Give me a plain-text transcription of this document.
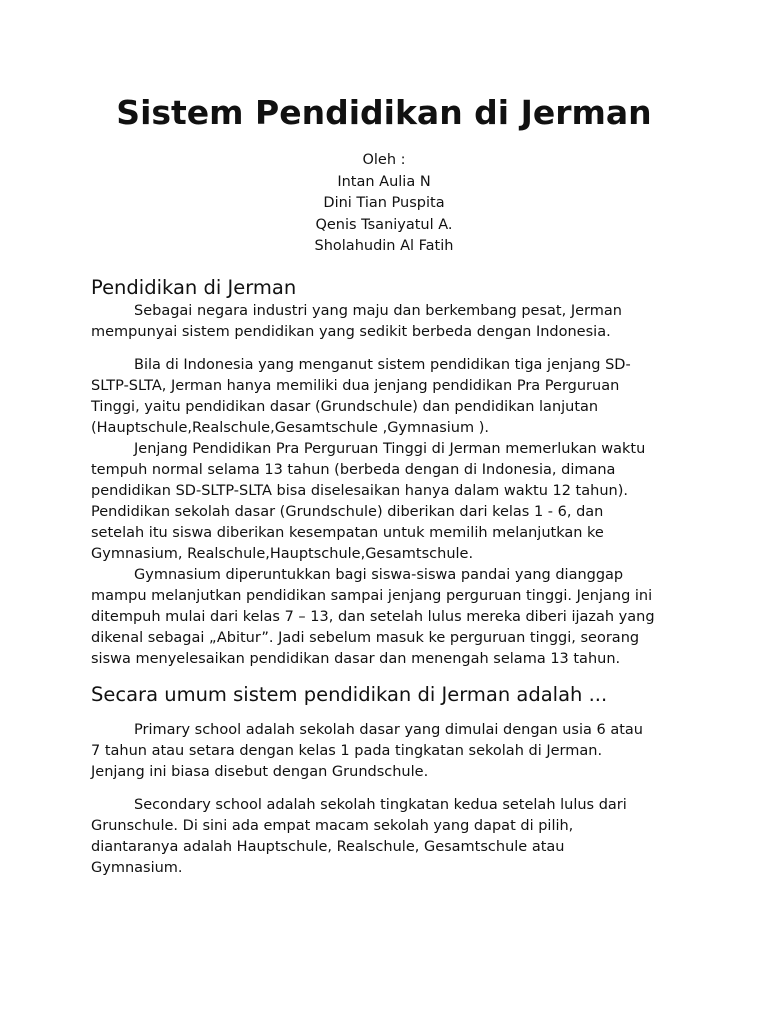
Sistem Pendidikan di Jerman
Oleh :
Intan Aulia N
Dini Tian Puspita
Qenis Tsaniyatul A.
Sholahudin Al Fatih
Pendidikan di Jerman
Sebagai negara industri yang maju dan berkembang pesat, Jerman
mempunyai sistem pendidikan yang sedikit berbeda dengan Indonesia.
Bila di Indonesia yang menganut sistem pendidikan tiga jenjang SD-
SLTP-SLTA, Jerman hanya memiliki dua jenjang pendidikan Pra Perguruan
Tinggi, yaitu pendidikan dasar (Grundschule) dan pendidikan lanjutan
(Hauptschule,Realschule,Gesamtschule ,Gymnasium ).
Jenjang Pendidikan Pra Perguruan Tinggi di Jerman memerlukan waktu
tempuh normal selama 13 tahun (berbeda dengan di Indonesia, dimana
pendidikan SD-SLTP-SLTA bisa diselesaikan hanya dalam waktu 12 tahun).
Pendidikan sekolah dasar (Grundschule) diberikan dari kelas 1 - 6, dan
setelah itu siswa diberikan kesempatan untuk memilih melanjutkan ke
Gymnasium, Realschule,Hauptschule,Gesamtschule.
Gymnasium diperuntukkan bagi siswa-siswa pandai yang dianggap
mampu melanjutkan pendidikan sampai jenjang perguruan tinggi. Jenjang ini
ditempuh mulai dari kelas 7 – 13, dan setelah lulus mereka diberi ijazah yang
dikenal sebagai „Abitur”. Jadi sebelum masuk ke perguruan tinggi, seorang
siswa menyelesaikan pendidikan dasar dan menengah selama 13 tahun.
Secara umum sistem pendidikan di Jerman adalah ...
Primary school adalah sekolah dasar yang dimulai dengan usia 6 atau
7 tahun atau setara dengan kelas 1 pada tingkatan sekolah di Jerman.
Jenjang ini biasa disebut dengan Grundschule.
Secondary school adalah sekolah tingkatan kedua setelah lulus dari
Grunschule. Di sini ada empat macam sekolah yang dapat di pilih,
diantaranya adalah Hauptschule, Realschule, Gesamtschule atau
Gymnasium.
